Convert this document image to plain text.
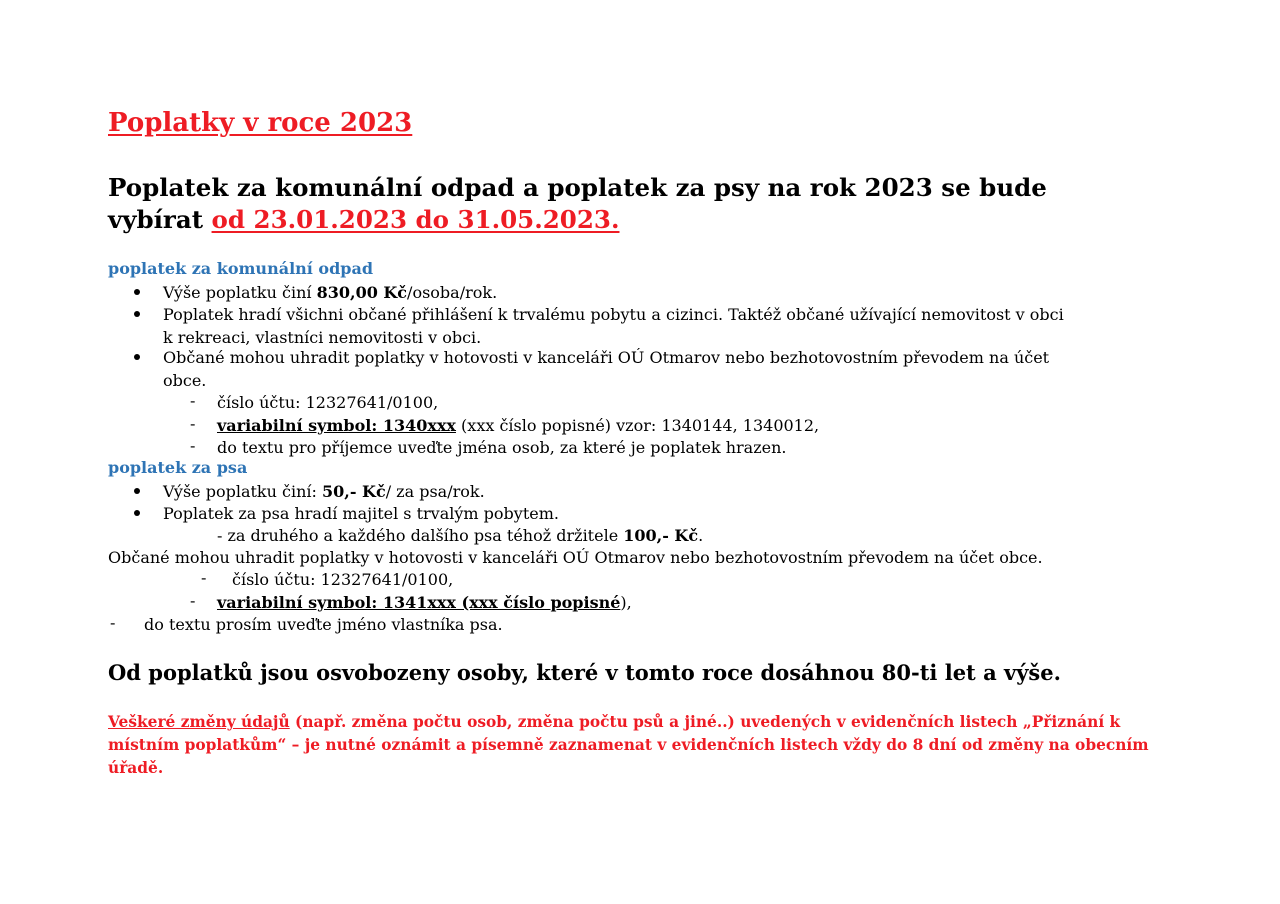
Poplatky v roce 2023
Poplatek za komunální odpad a poplatek za psy na rok 2023 se bude
vybírat od 23.01.2023 do 31.05.2023.
poplatek za komunální odpad
Výše poplatku činí 830,00 Kč/osoba/rok.
Poplatek hradí všichni občané přihlášení k trvalému pobytu a cizinci. Taktéž občané užívající nemovitost v obci
k rekreaci, vlastníci nemovitosti v obci.
Občané mohou uhradit poplatky v hotovosti v kanceláři OÚ Otmarov nebo bezhotovostním převodem na účet
obce.
- číslo účtu: 12327641/0100,
- variabilní symbol: 1340xxx (xxx číslo popisné) vzor: 1340144, 1340012,
- do textu pro příjemce uveďte jména osob, za které je poplatek hrazen.
poplatek za psa
Výše poplatku činí: 50,- Kč/ za psa/rok.
Poplatek za psa hradí majitel s trvalým pobytem.
- za druhého a každého dalšího psa téhož držitele 100,- Kč.
Občané mohou uhradit poplatky v hotovosti v kanceláři OÚ Otmarov nebo bezhotovostním převodem na účet obce.
- číslo účtu: 12327641/0100,
- variabilní symbol: 1341xxx (xxx číslo popisné),
- do textu prosím uveďte jméno vlastníka psa.
Od poplatků jsou osvobozeny osoby, které v tomto roce dosáhnou 80-ti let a výše.
Veškeré změny údajů (např. změna počtu osob, změna počtu psů a jiné..) uvedených v evidenčních listech „Přiznání k místním poplatkům“ – je nutné oznámit a písemně zaznamenat v evidenčních listech vždy do 8 dní od změny na obecním úřadě.
